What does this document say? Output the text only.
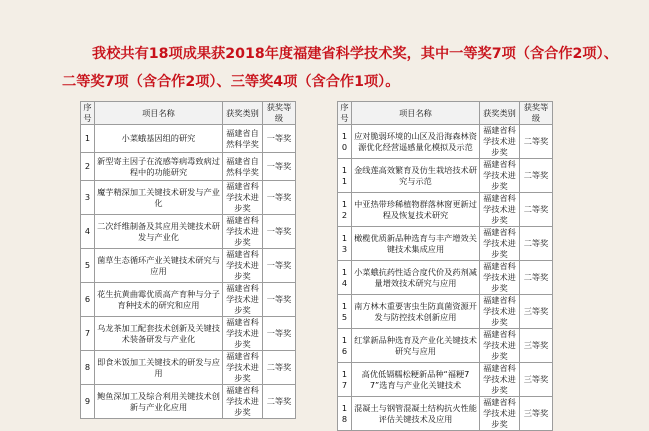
我校共有18项成果获2018年度福建省科学技术奖，其中一等奖7项（含合作2项）、二等奖7项（含合作2项）、三等奖4项（含合作1项）。
序号	项目名称	获奖类别	获奖等级
1	小菜蛾基因组的研究	福建省自然科学奖	一等奖
2	新型寄主因子在流感等病毒致病过程中的功能研究	福建省自然科学奖	一等奖
3	魔芋精深加工关键技术研发与产业化	福建省科学技术进步奖	一等奖
4	二次纤维制备及其应用关键技术研发与产业化	福建省科学技术进步奖	一等奖
5	菌草生态循环产业关键技术研究与应用	福建省科学技术进步奖	一等奖
6	花生抗黄曲霉优质高产育种与分子育种技术的研究和应用	福建省科学技术进步奖	一等奖
7	乌龙茶加工配套技术创新及关键技术装备研发与产业化	福建省科学技术进步奖	一等奖
8	即食米饭加工关键技术的研发与应用	福建省科学技术进步奖	二等奖
9	鲍鱼深加工及综合利用关键技术创新与产业化应用	福建省科学技术进步奖	二等奖
序号	项目名称	获奖类别	获奖等级
10	应对脆弱环境的山区及沿海森林资源优化经营遥感量化模拟及示范	福建省科学技术进步奖	二等奖
11	金线莲高效繁育及仿生栽培技术研究与示范	福建省科学技术进步奖	二等奖
12	中亚热带珍稀植物群落林窗更新过程及恢复技术研究	福建省科学技术进步奖	二等奖
13	橄榄优质新品种选育与丰产增效关键技术集成应用	福建省科学技术进步奖	二等奖
14	小菜蛾抗药性适合度代价及药剂减量增效技术研究与应用	福建省科学技术进步奖	二等奖
15	南方林木重要害虫生防真菌资源开发与防控技术创新应用	福建省科学技术进步奖	三等奖
16	红掌新品种选育及产业化关键技术研究与应用	福建省科学技术进步奖	三等奖
17	高优低镉糯松粳新品种“福粳77”选育与产业化关键技术	福建省科学技术进步奖	三等奖
18	混凝土与钢管混凝土结构抗火性能评估关键技术及应用	福建省科学技术进步奖	三等奖
